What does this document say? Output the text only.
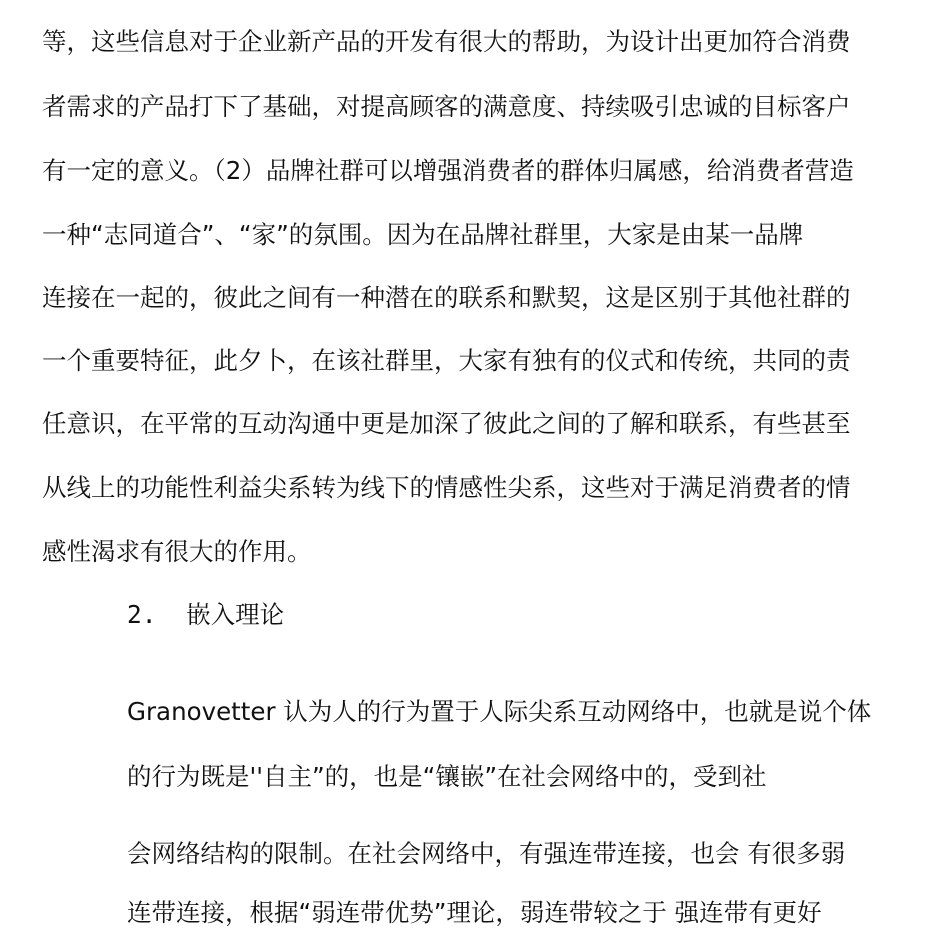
等，这些信息对于企业新产品的开发有很大的帮助，为设计出更加符合消费
者需求的产品打下了基础，对提高顾客的满意度、持续吸引忠诚的目标客户
有一定的意义。（2）品牌社群可以增强消费者的群体归属感，给消费者营造
一种“志同道合”、“家”的氛围。因为在品牌社群里，大家是由某一品牌
连接在一起的，彼此之间有一种潜在的联系和默契，这是区别于其他社群的
一个重要特征，此夕卜，在该社群里，大家有独有的仪式和传统，共同的责
任意识，在平常的互动沟通中更是加深了彼此之间的了解和联系，有些甚至
从线上的功能性利益尖系转为线下的情感性尖系，这些对于满足消费者的情
感性渴求有很大的作用。
2. 嵌入理论
Granovetter 认为人的行为置于人际尖系互动网络中，也就是说个体
的行为既是''自主”的，也是“镶嵌”在社会网络中的，受到社
会网络结构的限制。在社会网络中，有强连带连接，也会 有很多弱
连带连接，根据“弱连带优势”理论，弱连带较之于 强连带有更好
